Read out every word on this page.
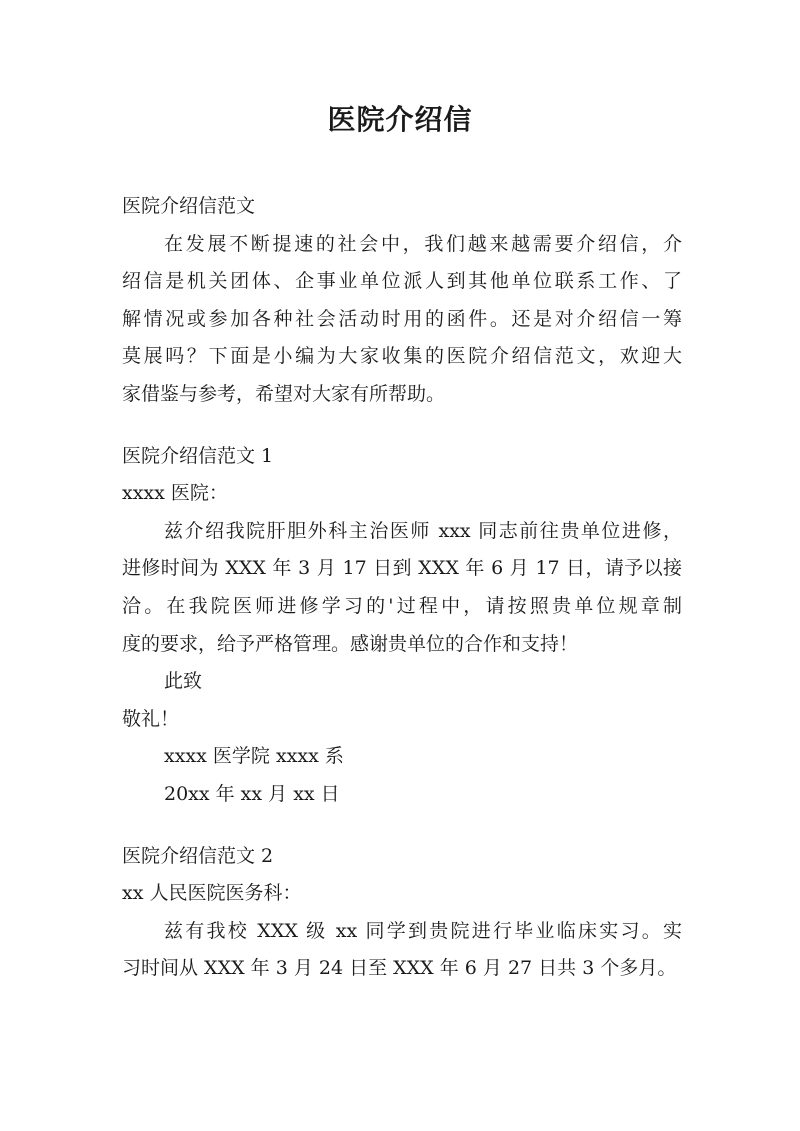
医院介绍信
医院介绍信范文
在发展不断提速的社会中，我们越来越需要介绍信，介
绍信是机关团体、企事业单位派人到其他单位联系工作、了
解情况或参加各种社会活动时用的函件。还是对介绍信一筹
莫展吗？下面是小编为大家收集的医院介绍信范文，欢迎大
家借鉴与参考，希望对大家有所帮助。
医院介绍信范文 1
xxxx 医院：
兹介绍我院肝胆外科主治医师 xxx 同志前往贵单位进修，
进修时间为 XXX 年 3 月 17 日到 XXX 年 6 月 17 日，请予以接
洽。在我院医师进修学习的'过程中，请按照贵单位规章制
度的要求，给予严格管理。感谢贵单位的合作和支持！
此致
敬礼！
xxxx 医学院 xxxx 系
20xx 年 xx 月 xx 日
医院介绍信范文 2
xx 人民医院医务科：
兹有我校 XXX 级 xx 同学到贵院进行毕业临床实习。实
习时间从 XXX 年 3 月 24 日至 XXX 年 6 月 27 日共 3 个多月。
